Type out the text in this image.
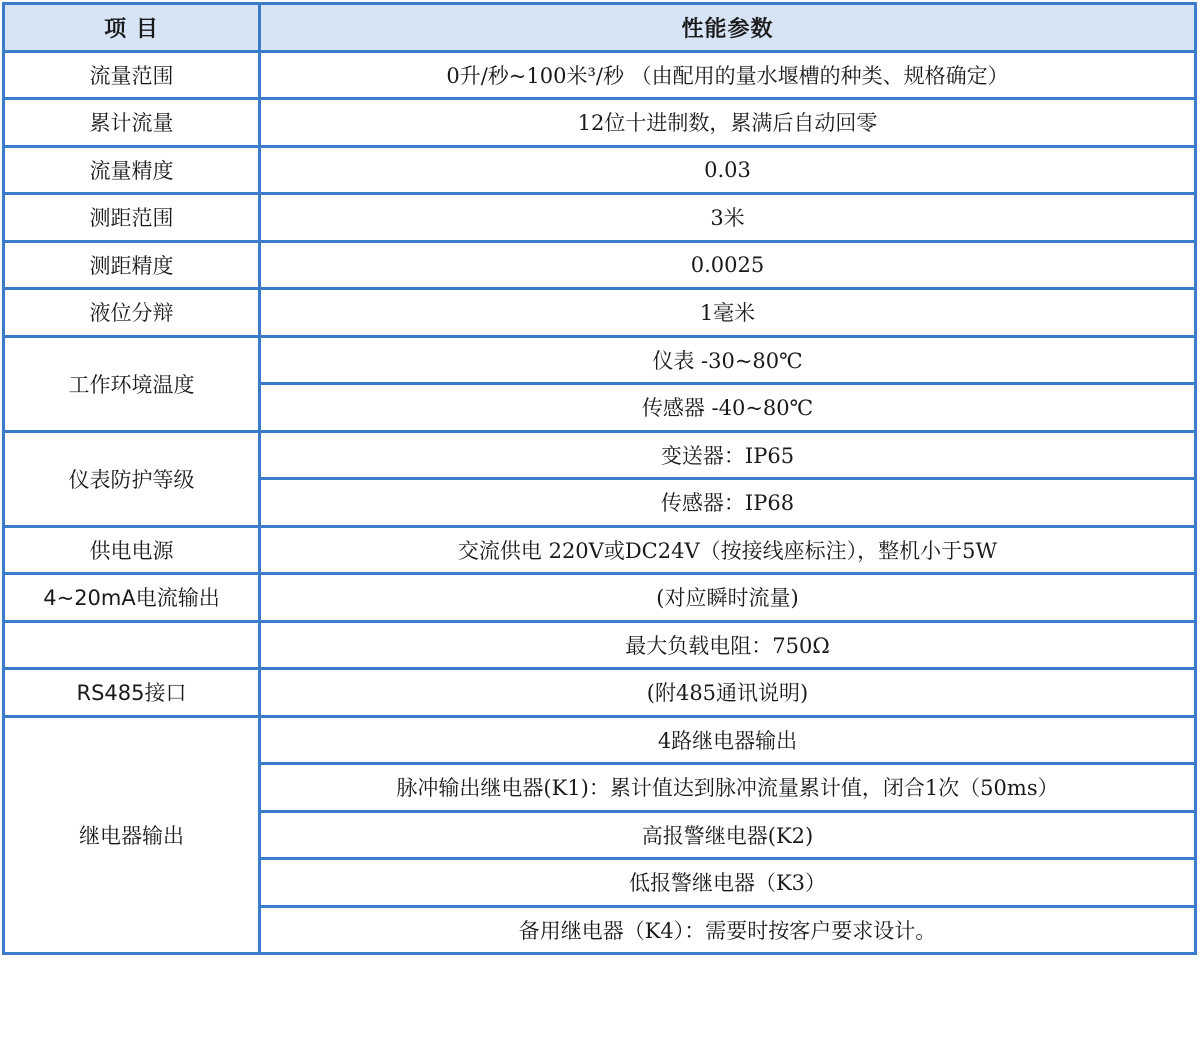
项 目	性能参数
流量范围	0升/秒~100米³/秒 （由配用的量水堰槽的种类、规格确定）
累计流量	12位十进制数，累满后自动回零
流量精度	0.03
测距范围	3米
测距精度	0.0025
液位分辩	1毫米
工作环境温度	仪表 -30~80℃
	传感器 -40~80℃
仪表防护等级	变送器：IP65
	传感器：IP68
供电电源	交流供电 220V或DC24V（按接线座标注），整机小于5W
4~20mA电流输出	(对应瞬时流量)
	最大负载电阻：750Ω
RS485接口	(附485通讯说明)
继电器输出	4路继电器输出
	脉冲输出继电器(K1)：累计值达到脉冲流量累计值，闭合1次（50ms）
	高报警继电器(K2)
	低报警继电器（K3）
	备用继电器（K4）：需要时按客户要求设计。
